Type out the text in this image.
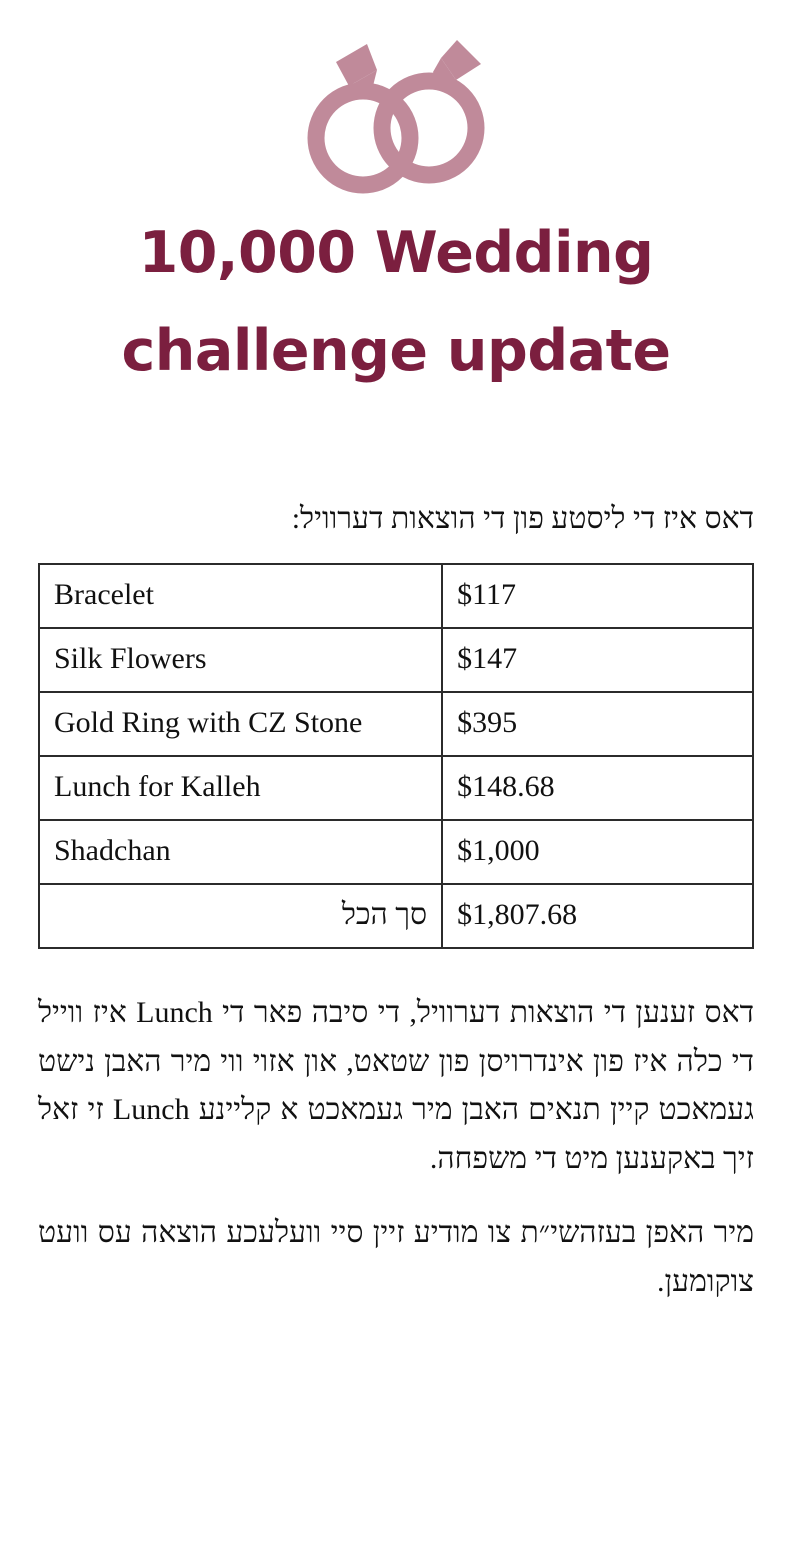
10,000 Wedding
challenge update
דאס איז די ליסטע פון די הוצאות דערוויל:
Bracelet	$117
Silk Flowers	$147
Gold Ring with CZ Stone	$395
Lunch for Kalleh	$148.68
Shadchan	$1,000
סך הכל	$1,807.68

דאס זענען די הוצאות דערוויל, די סיבה פאר די Lunch איז ווייל די כלה איז פון אינדרויסן פון שטאט, און אזוי ווי מיר האבן נישט געמאכט קיין תנאים האבן מיר געמאכט א קליינע Lunch זי זאל זיך באקענען מיט די משפחה.

מיר האפן בעזהשי״ת צו מודיע זיין סיי וועלעכע הוצאה עס וועט צוקומען.
